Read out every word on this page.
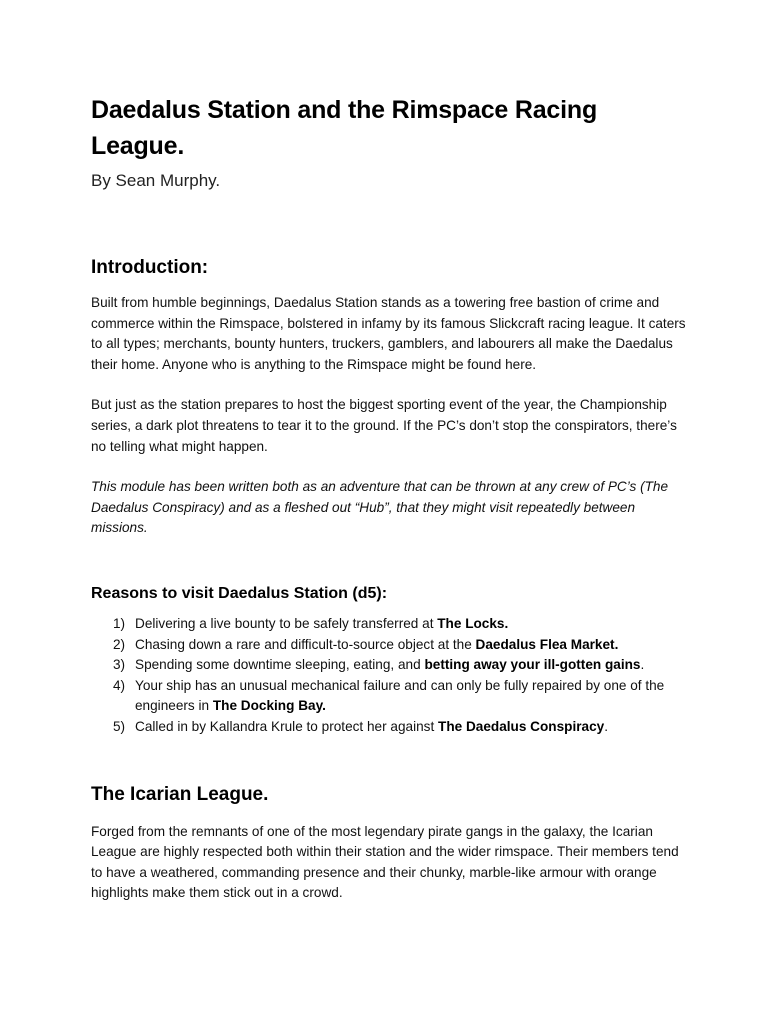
Daedalus Station and the Rimspace Racing League.
By Sean Murphy.
Introduction:

Built from humble beginnings, Daedalus Station stands as a towering free bastion of crime and commerce within the Rimspace, bolstered in infamy by its famous Slickcraft racing league. It caters to all types; merchants, bounty hunters, truckers, gamblers, and labourers all make the Daedalus their home. Anyone who is anything to the Rimspace might be found here.

But just as the station prepares to host the biggest sporting event of the year, the Championship series, a dark plot threatens to tear it to the ground. If the PC’s don’t stop the conspirators, there’s no telling what might happen.

This module has been written both as an adventure that can be thrown at any crew of PC’s (The Daedalus Conspiracy) and as a fleshed out “Hub”, that they might visit repeatedly between missions.

Reasons to visit Daedalus Station (d5):
1) Delivering a live bounty to be safely transferred at The Locks.
2) Chasing down a rare and difficult-to-source object at the Daedalus Flea Market.
3) Spending some downtime sleeping, eating, and betting away your ill-gotten gains.
4) Your ship has an unusual mechanical failure and can only be fully repaired by one of the engineers in The Docking Bay.
5) Called in by Kallandra Krule to protect her against The Daedalus Conspiracy.
The Icarian League.

Forged from the remnants of one of the most legendary pirate gangs in the galaxy, the Icarian League are highly respected both within their station and the wider rimspace. Their members tend to have a weathered, commanding presence and their chunky, marble-like armour with orange highlights make them stick out in a crowd.
